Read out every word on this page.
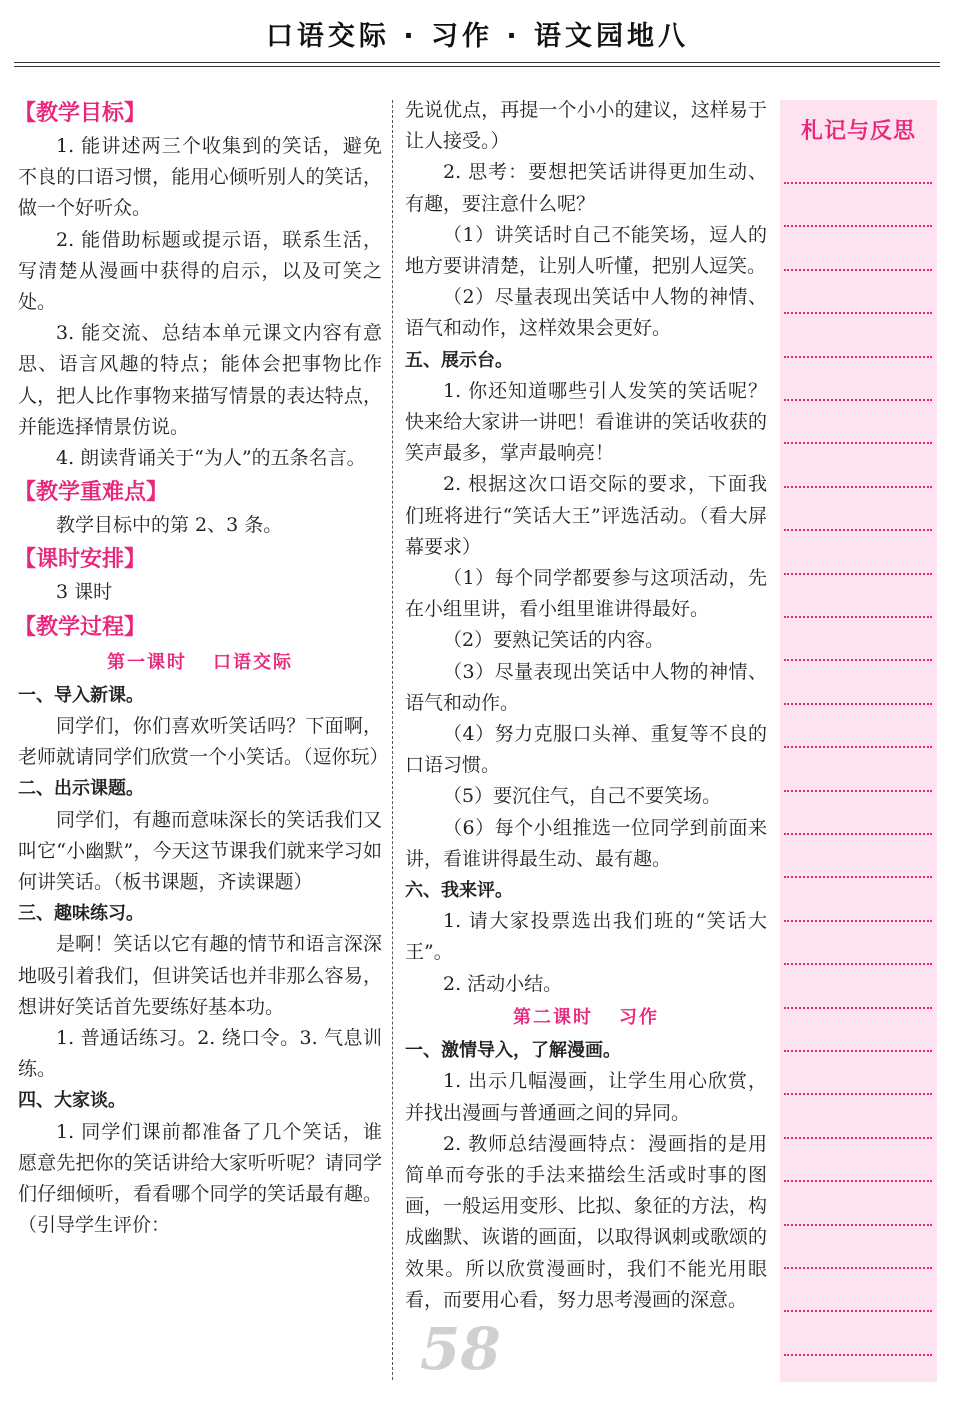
口语交际 · 习作 · 语文园地八
【教学目标】

1. 能讲述两三个收集到的笑话，避免不良的口语习惯，能用心倾听别人的笑话，做一个好听众。

2. 能借助标题或提示语，联系生活，写清楚从漫画中获得的启示，以及可笑之处。

3. 能交流、总结本单元课文内容有意思、语言风趣的特点；能体会把事物比作人，把人比作事物来描写情景的表达特点，并能选择情景仿说。

4. 朗读背诵关于“为人”的五条名言。

【教学重难点】

教学目标中的第 2、3 条。

【课时安排】

3 课时

【教学过程】
第一课时 口语交际

一、导入新课。

同学们，你们喜欢听笑话吗？下面啊，老师就请同学们欣赏一个小笑话。（逗你玩）

二、出示课题。

同学们，有趣而意味深长的笑话我们又叫它“小幽默”，今天这节课我们就来学习如何讲笑话。（板书课题，齐读课题）

三、趣味练习。

是啊！笑话以它有趣的情节和语言深深地吸引着我们，但讲笑话也并非那么容易，想讲好笑话首先要练好基本功。

1. 普通话练习。2. 绕口令。3. 气息训练。

四、大家谈。

1. 同学们课前都准备了几个笑话，谁愿意先把你的笑话讲给大家听听呢？请同学们仔细倾听，看看哪个同学的笑话最有趣。（引导学生评价：

先说优点，再提一个小小的建议，这样易于让人接受。）

2. 思考：要想把笑话讲得更加生动、有趣，要注意什么呢？

（1）讲笑话时自己不能笑场，逗人的地方要讲清楚，让别人听懂，把别人逗笑。

（2）尽量表现出笑话中人物的神情、语气和动作，这样效果会更好。

五、展示台。

1. 你还知道哪些引人发笑的笑话呢？快来给大家讲一讲吧！看谁讲的笑话收获的笑声最多，掌声最响亮！

2. 根据这次口语交际的要求，下面我们班将进行“笑话大王”评选活动。（看大屏幕要求）

（1）每个同学都要参与这项活动，先在小组里讲，看小组里谁讲得最好。

（2）要熟记笑话的内容。

（3）尽量表现出笑话中人物的神情、语气和动作。

（4）努力克服口头禅、重复等不良的口语习惯。

（5）要沉住气，自己不要笑场。

（6）每个小组推选一位同学到前面来讲，看谁讲得最生动、最有趣。

六、我来评。

1. 请大家投票选出我们班的“笑话大王”。

2. 活动小结。

第二课时 习作

一、激情导入，了解漫画。

1. 出示几幅漫画，让学生用心欣赏，并找出漫画与普通画之间的异同。

2. 教师总结漫画特点：漫画指的是用简单而夸张的手法来描绘生活或时事的图画，一般运用变形、比拟、象征的方法，构成幽默、诙谐的画面，以取得讽刺或歌颂的效果。所以欣赏漫画时，我们不能光用眼看，而要用心看，努力思考漫画的深意。

札记与反思
58
